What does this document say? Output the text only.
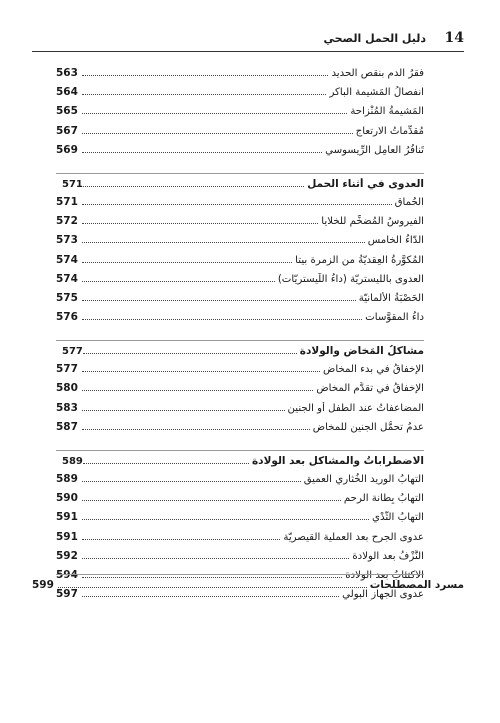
14
دليل الحمل الصحي
563	فقرُ الدم بنقص الحديد
564	انفصالُ المَشيمة الباكر
565	المَشيمةُ المُنْزاحة
567	مُقدِّماتُ الارتعاج
569	تَنافُرُ العامِل الرِّيسوسي
571	العدوى في أثناء الحمل
571	الحُماق
572	الفيروسُ المُضخِّم للخلايا
573	الدّاءُ الخامس
574	المُكوَّرةُ العِقديّةُ من الزمرة بيتا
574	العدوى بالليستريّة (داءُ اللّيستريّات)
575	الحَصْبَةُ الألمانيّة
576	داءُ المقوَّسات
577	مشاكلُ المَخاض والولادة
577	الإخفاقُ في بدء المخاض
580	الإخفاقُ في تقدُّم المخاض
583	المضاعفاتُ عند الطفل أو الجنين
587	عدمُ تحمُّل الجنين للمخاض
589	الاضطراباتُ والمشاكل بعد الولادة
589	التهابُ الوريد الخُثاري العميق
590	التهابُ بِطانة الرحم
591	التهابُ الثَّدْي
591	عدوى الجرح بعد العملية القيصريّة
592	النَّزْفُ بعد الولادة
594	الاكتئابُ بعد الولادة
597	عدوى الجهاز البولي
599	مسرد المصطلحات
